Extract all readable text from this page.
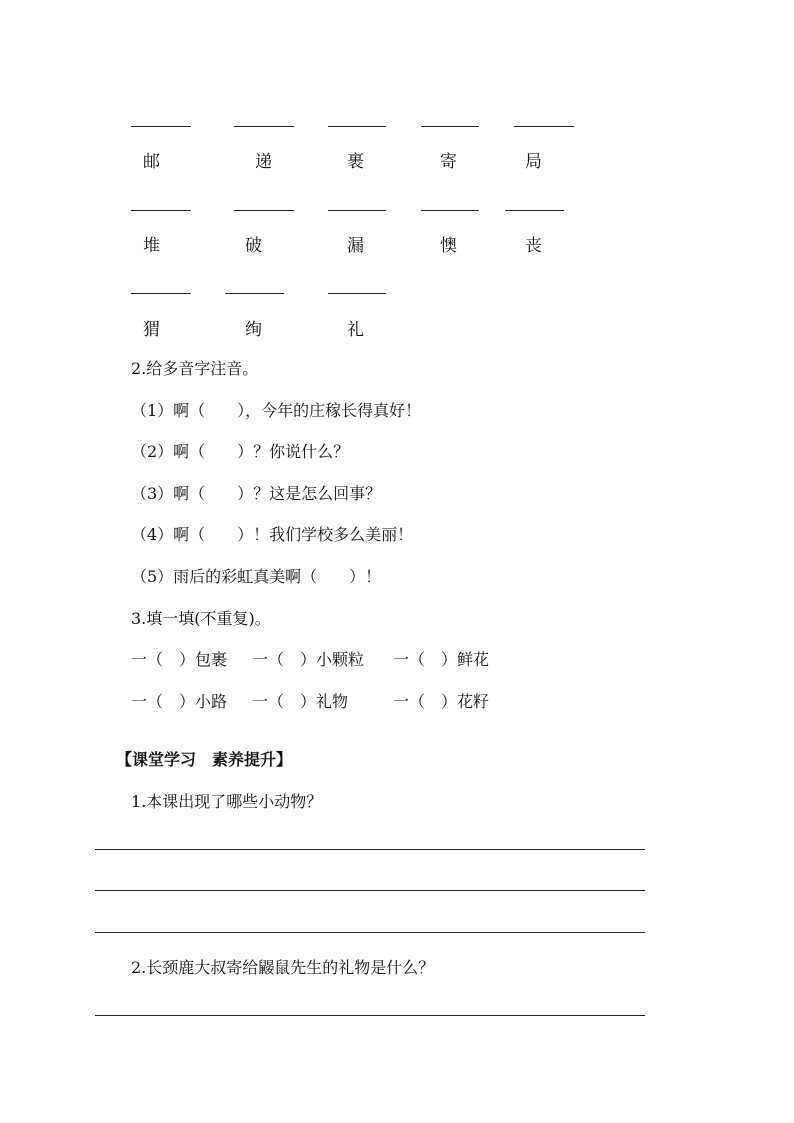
邮	递	裹	寄	局
堆	破	漏	懊	丧
猬	绚	礼
2.给多音字注音。
（1）啊（　　），今年的庄稼长得真好！
（2）啊（　　）？你说什么？
（3）啊（　　）？这是怎么回事？
（4）啊（　　）！我们学校多么美丽！
（5）雨后的彩虹真美啊（　　）！
3.填一填(不重复)。
一（　）包裹 一（　）小颗粒 一（　）鲜花
一（　）小路 一（　）礼物	一（　）花籽
【课堂学习　素养提升】
1.本课出现了哪些小动物？
2.长颈鹿大叔寄给鼹鼠先生的礼物是什么？
